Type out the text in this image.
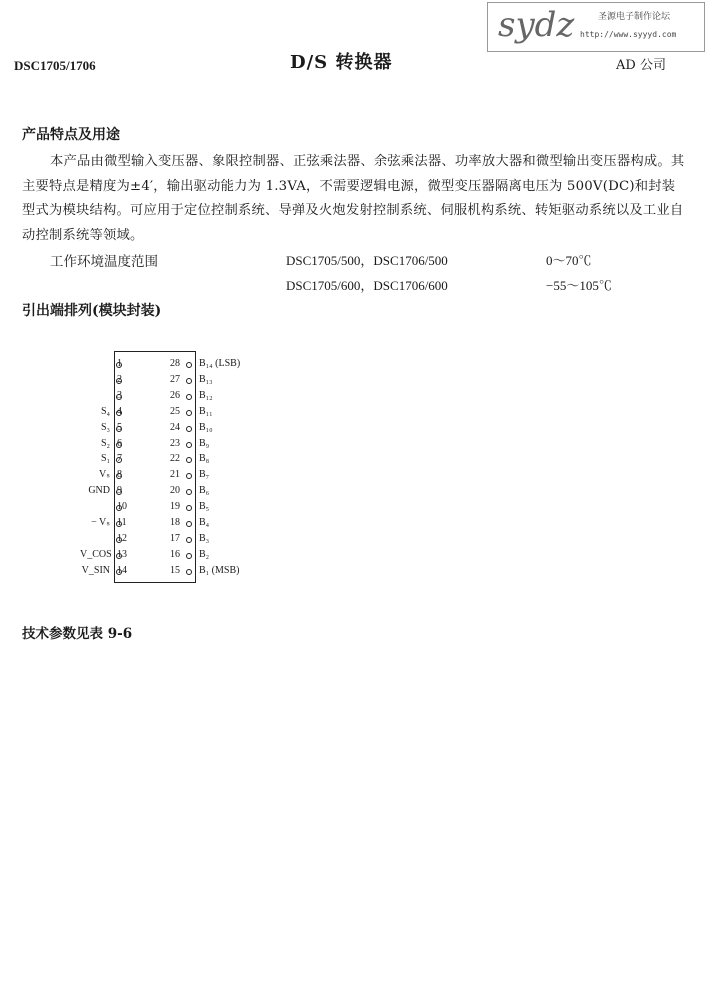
DSC1705/1706	D/S 转换器	AD 公司
sydz	圣源电子制作论坛
http://www.syyyd.com
产品特点及用途
本产品由微型输入变压器、象限控制器、正弦乘法器、余弦乘法器、功率放大器和微型输出变压器构成。其主要特点是精度为±4′，输出驱动能力为 1.3VA，不需要逻辑电源，微型变压器隔离电压为 500V(DC)和封装型式为模块结构。可应用于定位控制系统、导弹及火炮发射控制系统、伺服机构系统、转矩驱动系统以及工业自动控制系统等领域。
工作环境温度范围	DSC1705/500，DSC1706/500	0～70℃
DSC1705/600，DSC1706/600	−55～105℃
引出端排列(模块封装)
1
2
3
4
S₄
5
S₃
6
S₂
7
S₁
8
Vₛ
9
GND
10
11
− Vₛ
12
13
V_COS
14
V_SIN
28 B₁₄ (LSB)
27 B₁₃
26 B₁₂
25 B₁₁
24 B₁₀
23 B₉
22 B₈
21 B₇
20 B₆
19 B₅
18 B₄
17 B₃
16 B₂
15 B₁ (MSB)
技术参数见表 9-6
